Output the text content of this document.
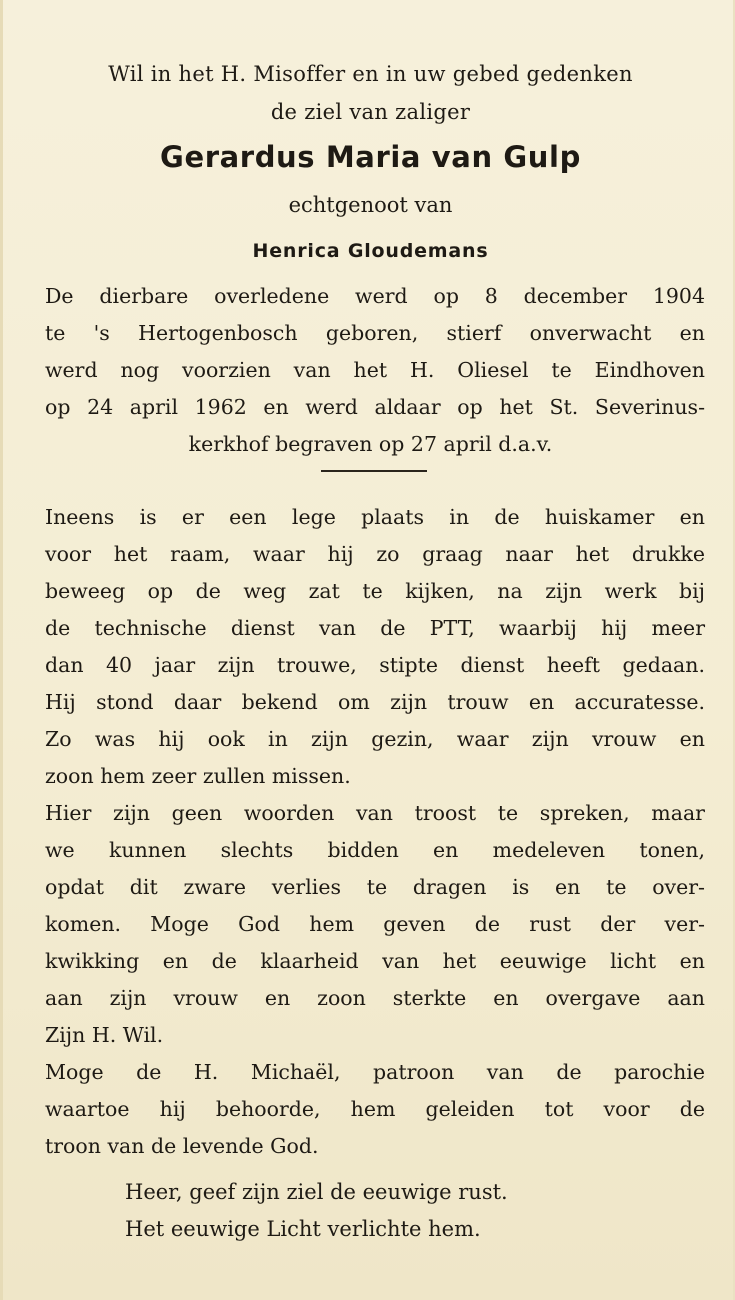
Wil in het H. Misoffer en in uw gebed gedenken

de ziel van zaliger

Gerardus Maria van Gulp

echtgenoot van

Henrica Gloudemans

De dierbare overledene werd op 8 december 1904

te 's Hertogenbosch geboren, stierf onverwacht en

werd nog voorzien van het H. Oliesel te Eindhoven

op 24 april 1962 en werd aldaar op het St. Severinus-

kerkhof begraven op 27 april d.a.v.

Ineens is er een lege plaats in de huiskamer en

voor het raam, waar hij zo graag naar het drukke

beweeg op de weg zat te kijken, na zijn werk bij

de technische dienst van de PTT, waarbij hij meer

dan 40 jaar zijn trouwe, stipte dienst heeft gedaan.

Hij stond daar bekend om zijn trouw en accuratesse.

Zo was hij ook in zijn gezin, waar zijn vrouw en

zoon hem zeer zullen missen.

Hier zijn geen woorden van troost te spreken, maar

we kunnen slechts bidden en medeleven tonen,

opdat dit zware verlies te dragen is en te over-

komen. Moge God hem geven de rust der ver-

kwikking en de klaarheid van het eeuwige licht en

aan zijn vrouw en zoon sterkte en overgave aan

Zijn H. Wil.

Moge de H. Michaël, patroon van de parochie

waartoe hij behoorde, hem geleiden tot voor de

troon van de levende God.

Heer, geef zijn ziel de eeuwige rust.

Het eeuwige Licht verlichte hem.
